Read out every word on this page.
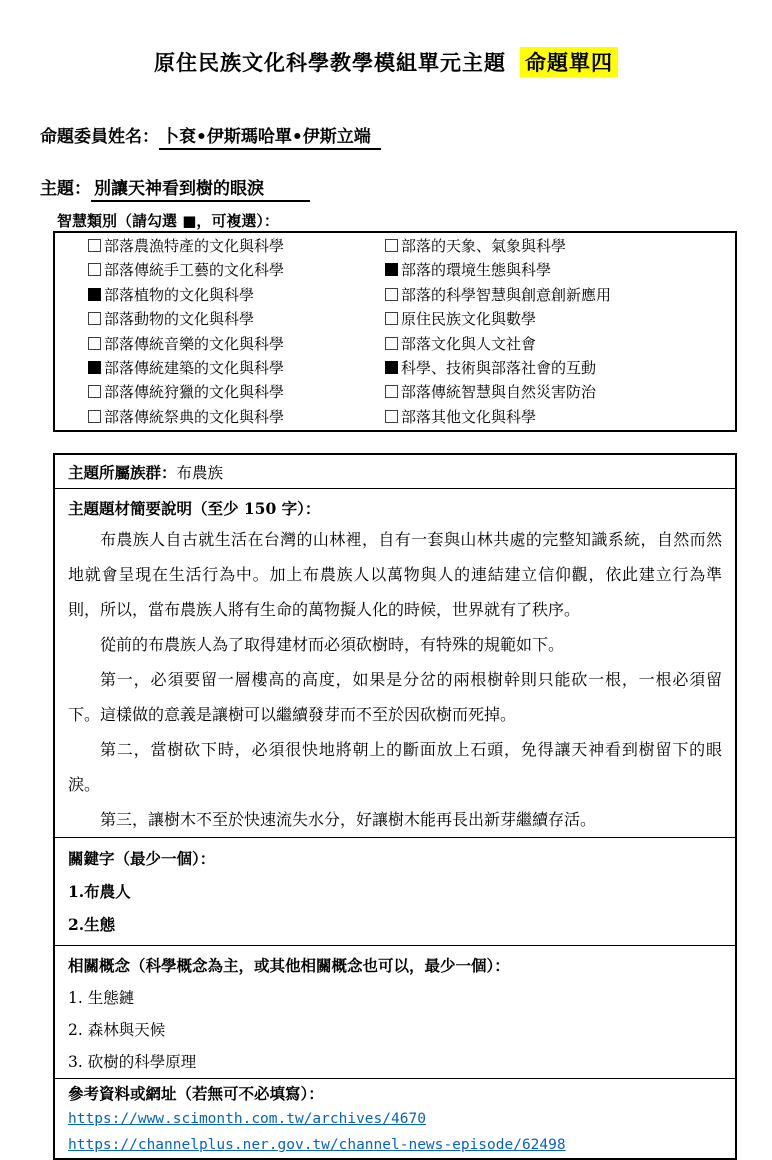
原住民族文化科學教學模組單元主題 命題單四
命題委員姓名： 卜袞•伊斯瑪哈單•伊斯立端
主題： 別讓天神看到樹的眼淚
智慧類別（請勾選 ■，可複選）：
部落農漁特產的文化與科學
部落傳統手工藝的文化科學
部落植物的文化與科學
部落動物的文化與科學
部落傳統音樂的文化與科學
部落傳統建築的文化與科學
部落傳統狩獵的文化與科學
部落傳統祭典的文化與科學
部落的天象、氣象與科學
部落的環境生態與科學
部落的科學智慧與創意創新應用
原住民族文化與數學
部落文化與人文社會
科學、技術與部落社會的互動
部落傳統智慧與自然災害防治
部落其他文化與科學
主題所屬族群： 布農族
主題題材簡要說明（至少 150 字）：
布農族人自古就生活在台灣的山林裡，自有一套與山林共處的完整知識系統，自然而然地就會呈現在生活行為中。加上布農族人以萬物與人的連結建立信仰觀，依此建立行為準則，所以，當布農族人將有生命的萬物擬人化的時候，世界就有了秩序。
從前的布農族人為了取得建材而必須砍樹時，有特殊的規範如下。
第一，必須要留一層樓高的高度，如果是分岔的兩根樹幹則只能砍一根，一根必須留下。這樣做的意義是讓樹可以繼續發芽而不至於因砍樹而死掉。
第二，當樹砍下時，必須很快地將朝上的斷面放上石頭，免得讓天神看到樹留下的眼淚。
第三，讓樹木不至於快速流失水分，好讓樹木能再長出新芽繼續存活。
關鍵字（最少一個）：
1.布農人
2.生態
相關概念（科學概念為主，或其他相關概念也可以，最少一個）：
1. 生態鏈
2. 森林與天候
3. 砍樹的科學原理
參考資料或網址（若無可不必填寫）：
https://www.scimonth.com.tw/archives/4670
https://channelplus.ner.gov.tw/channel-news-episode/62498
